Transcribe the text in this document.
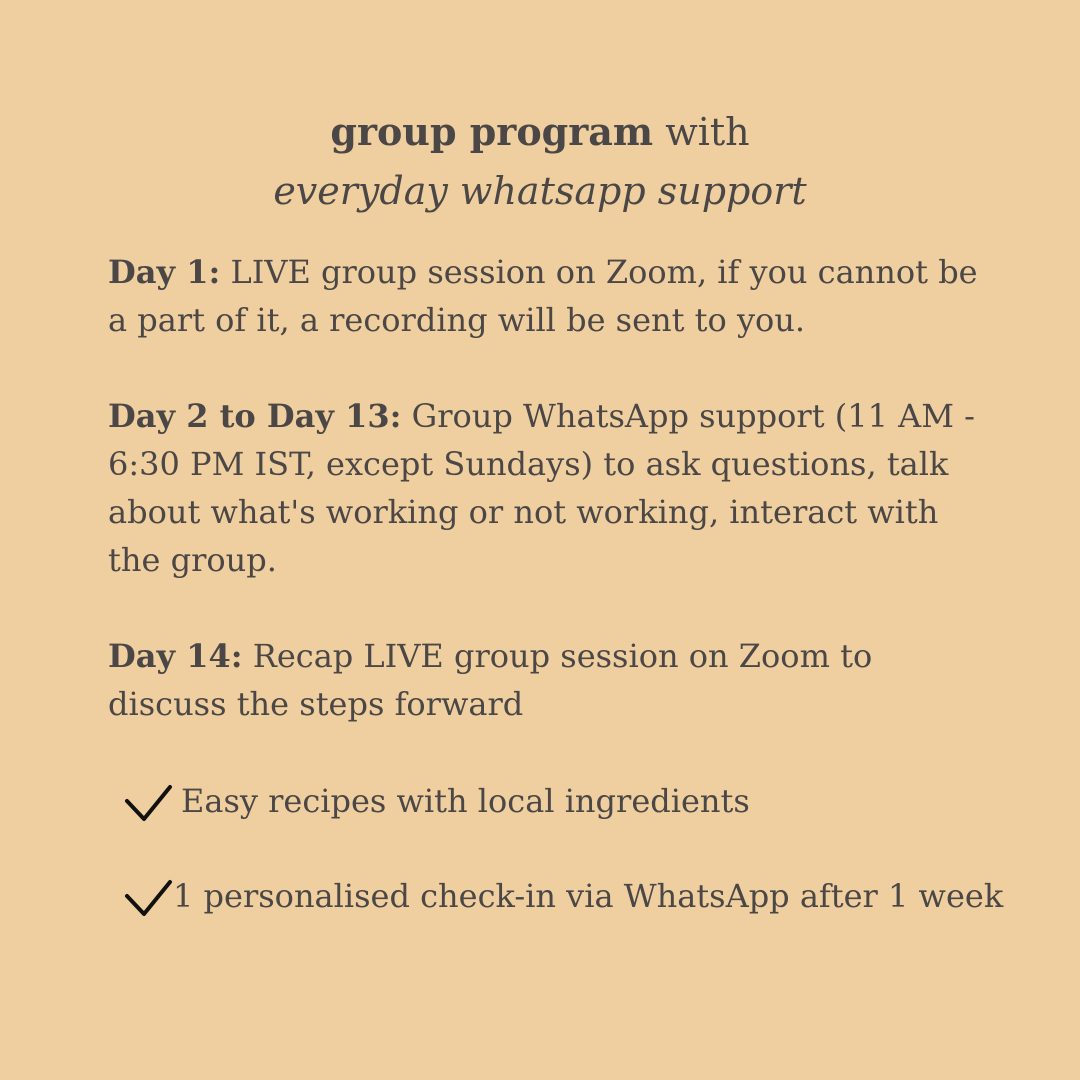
group program with
everyday whatsapp support
Day 1: LIVE group session on Zoom, if you cannot be a part of it, a recording will be sent to you.
Day 2 to Day 13: Group WhatsApp support (11 AM - 6:30 PM IST, except Sundays) to ask questions, talk about what's working or not working, interact with the group.
Day 14: Recap LIVE group session on Zoom to discuss the steps forward
Easy recipes with local ingredients
1 personalised check-in via WhatsApp after 1 week
